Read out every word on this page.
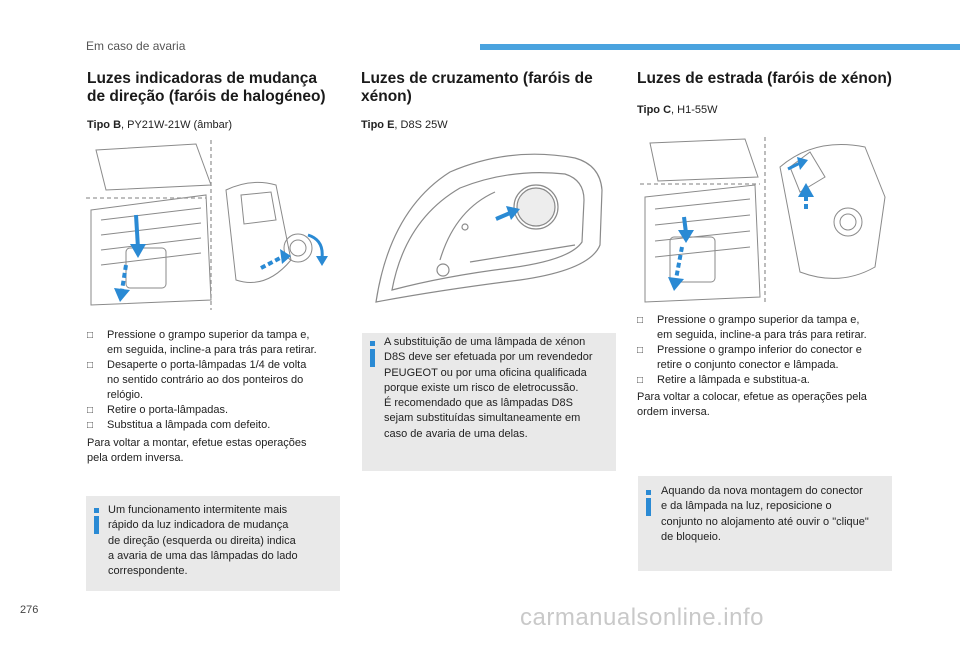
Em caso de avaria
Luzes indicadoras de mudança
de direção (faróis de halogéneo)
Tipo B, PY21W-21W (âmbar)
□ Pressione o grampo superior da tampa e,
em seguida, incline-a para trás para retirar.
□ Desaperte o porta-lâmpadas 1/4 de volta
no sentido contrário ao dos ponteiros do
relógio.
□ Retire o porta-lâmpadas.
□ Substitua a lâmpada com defeito.
Para voltar a montar, efetue estas operações
pela ordem inversa.
Um funcionamento intermitente mais
rápido da luz indicadora de mudança
de direção (esquerda ou direita) indica
a avaria de uma das lâmpadas do lado
correspondente.
Luzes de cruzamento (faróis de
xénon)
Tipo E, D8S 25W
A substituição de uma lâmpada de xénon
D8S deve ser efetuada por um revendedor
PEUGEOT ou por uma oficina qualificada
porque existe um risco de eletrocussão.
É recomendado que as lâmpadas D8S
sejam substituídas simultaneamente em
caso de avaria de uma delas.
Luzes de estrada (faróis de xénon)
Tipo C, H1-55W
□ Pressione o grampo superior da tampa e,
em seguida, incline-a para trás para retirar.
□ Pressione o grampo inferior do conector e
retire o conjunto conector e lâmpada.
□ Retire a lâmpada e substitua-a.
Para voltar a colocar, efetue as operações pela
ordem inversa.
Aquando da nova montagem do conector
e da lâmpada na luz, reposicione o
conjunto no alojamento até ouvir o "clique"
de bloqueio.
276	carmanualsonline.info
